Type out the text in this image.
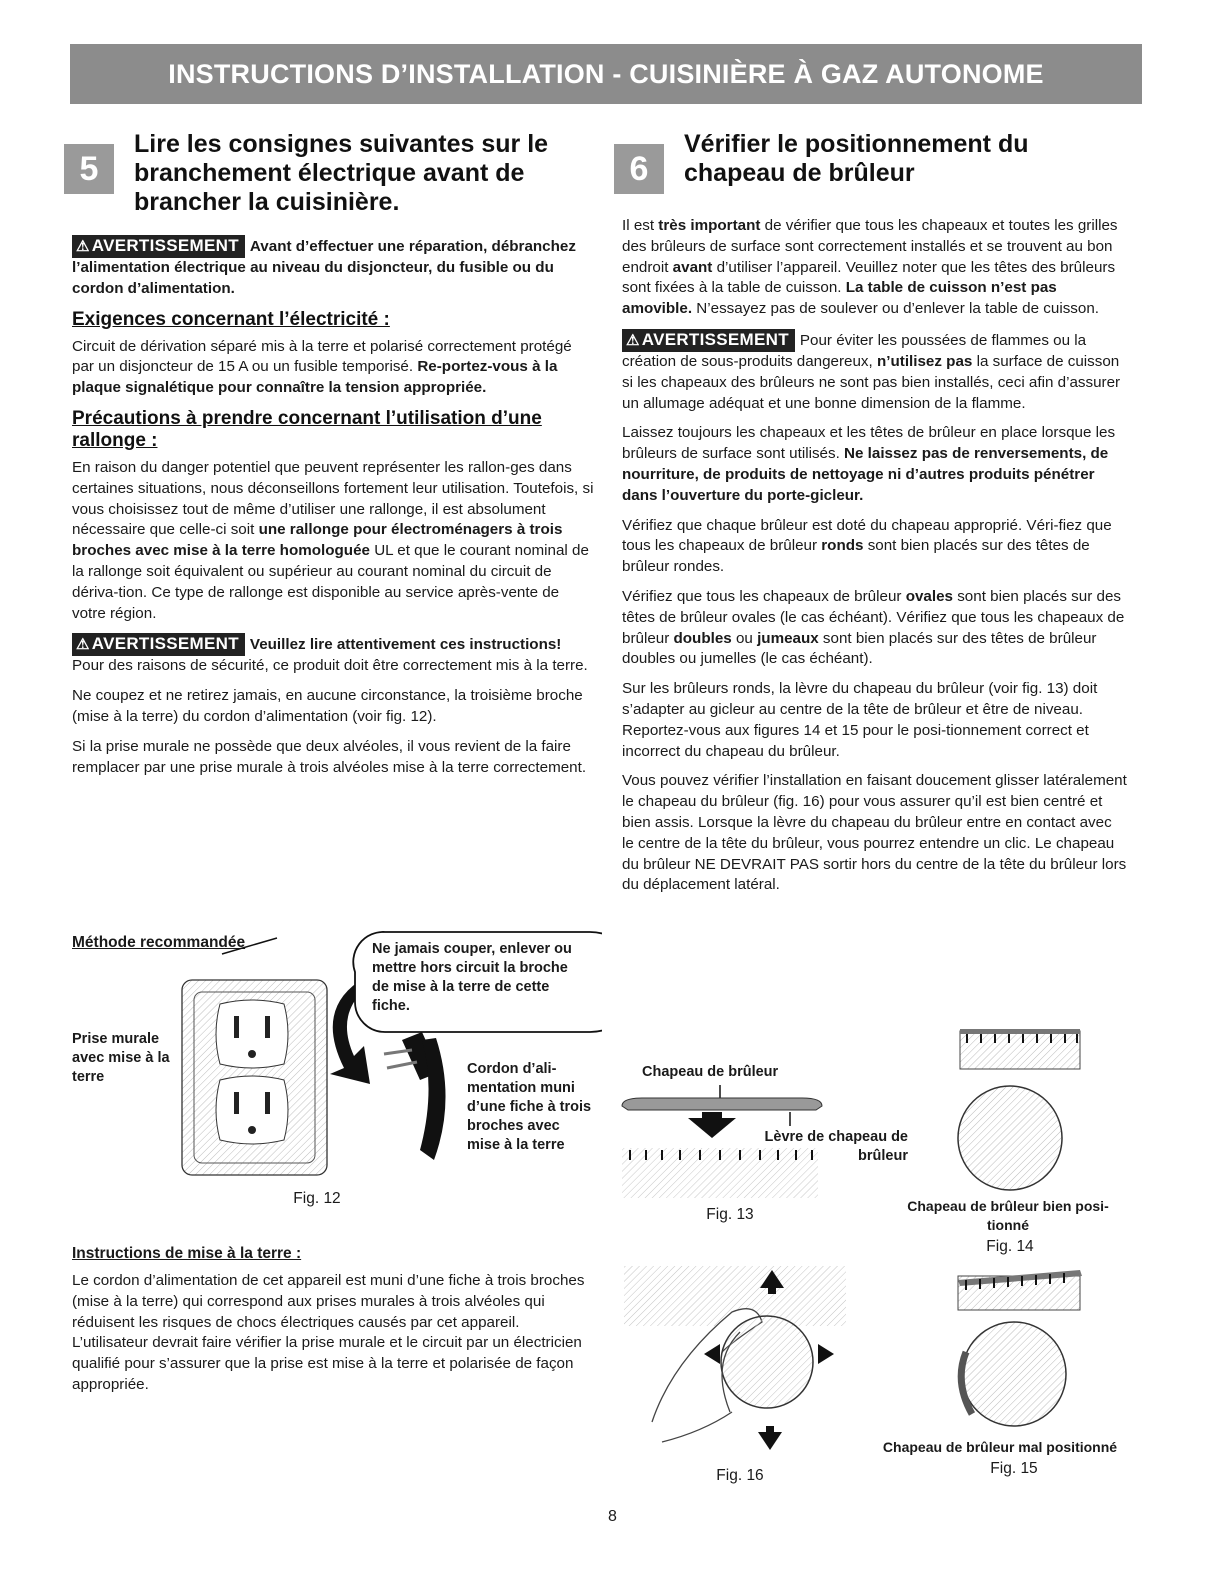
INSTRUCTIONS D’INSTALLATION - CUISINIÈRE À GAZ AUTONOME
5
Lire les consignes suivantes sur le branchement électrique avant de brancher la cuisinière.

⚠ AVERTISSEMENT Avant d’effectuer une réparation, débranchez l’alimentation électrique au niveau du disjoncteur, du fusible ou du cordon d’alimentation.

Exigences concernant l’électricité :

Circuit de dérivation séparé mis à la terre et polarisé correctement protégé par un disjoncteur de 15 A ou un fusible temporisé. Re-portez-vous à la plaque signalétique pour connaître la tension appropriée.

Précautions à prendre concernant l’utilisation d’une rallonge :

En raison du danger potentiel que peuvent représenter les rallon-ges dans certaines situations, nous déconseillons fortement leur utilisation. Toutefois, si vous choisissez tout de même d’utiliser une rallonge, il est absolument nécessaire que celle-ci soit une rallonge pour électroménagers à trois broches avec mise à la terre homologuée UL et que le courant nominal de la rallonge soit équivalent ou supérieur au courant nominal du circuit de dériva-tion. Ce type de rallonge est disponible au service après-vente de votre région.

⚠ AVERTISSEMENT Veuillez lire attentivement ces instructions! Pour des raisons de sécurité, ce produit doit être correctement mis à la terre.

Ne coupez et ne retirez jamais, en aucune circonstance, la troisième broche (mise à la terre) du cordon d’alimentation (voir fig. 12).

Si la prise murale ne possède que deux alvéoles, il vous revient de la faire remplacer par une prise murale à trois alvéoles mise à la terre correctement.

Méthode recommandée	Ne jamais couper, enlever ou mettre hors circuit la broche de mise à la terre de cette fiche.
Prise murale avec mise à la terre	Cordon d’ali-mentation muni d’une fiche à trois broches avec mise à la terre
Fig. 12
Instructions de mise à la terre :

Le cordon d’alimentation de cet appareil est muni d’une fiche à trois broches (mise à la terre) qui correspond aux prises murales à trois alvéoles qui réduisent les risques de chocs électriques causés par cet appareil. L’utilisateur devrait faire vérifier la prise murale et le circuit par un électricien qualifié pour s’assurer que la prise est mise à la terre et polarisée de façon appropriée.

6
Vérifier le positionnement du chapeau de brûleur

Il est très important de vérifier que tous les chapeaux et toutes les grilles des brûleurs de surface sont correctement installés et se trouvent au bon endroit avant d’utiliser l’appareil. Veuillez noter que les têtes des brûleurs sont fixées à la table de cuisson. La table de cuisson n’est pas amovible. N’essayez pas de soulever ou d’enlever la table de cuisson.

⚠ AVERTISSEMENT Pour éviter les poussées de flammes ou la création de sous-produits dangereux, n’utilisez pas la surface de cuisson si les chapeaux des brûleurs ne sont pas bien installés, ceci afin d’assurer un allumage adéquat et une bonne dimension de la flamme.

Laissez toujours les chapeaux et les têtes de brûleur en place lorsque les brûleurs de surface sont utilisés. Ne laissez pas de renversements, de nourriture, de produits de nettoyage ni d’autres produits pénétrer dans l’ouverture du porte-gicleur.

Vérifiez que chaque brûleur est doté du chapeau approprié. Véri-fiez que tous les chapeaux de brûleur ronds sont bien placés sur des têtes de brûleur rondes.

Vérifiez que tous les chapeaux de brûleur ovales sont bien placés sur des têtes de brûleur ovales (le cas échéant). Vérifiez que tous les chapeaux de brûleur doubles ou jumeaux sont bien placés sur des têtes de brûleur doubles ou jumelles (le cas échéant).

Sur les brûleurs ronds, la lèvre du chapeau du brûleur (voir fig. 13) doit s’adapter au gicleur au centre de la tête de brûleur et être de niveau. Reportez-vous aux figures 14 et 15 pour le posi-tionnement correct et incorrect du chapeau du brûleur.

Vous pouvez vérifier l’installation en faisant doucement glisser latéralement le chapeau du brûleur (fig. 16) pour vous assurer qu’il est bien centré et bien assis. Lorsque la lèvre du chapeau du brûleur entre en contact avec le centre de la tête du brûleur, vous pourrez entendre un clic. Le chapeau du brûleur NE DEVRAIT PAS sortir hors du centre de la tête du brûleur lors du déplacement latéral.

Chapeau de brûleur
Lèvre de chapeau de brûleur
Fig. 13	Chapeau de brûleur bien posi-tionné
Fig. 14
Fig. 16
Chapeau de brûleur mal positionné
Fig. 15
8
